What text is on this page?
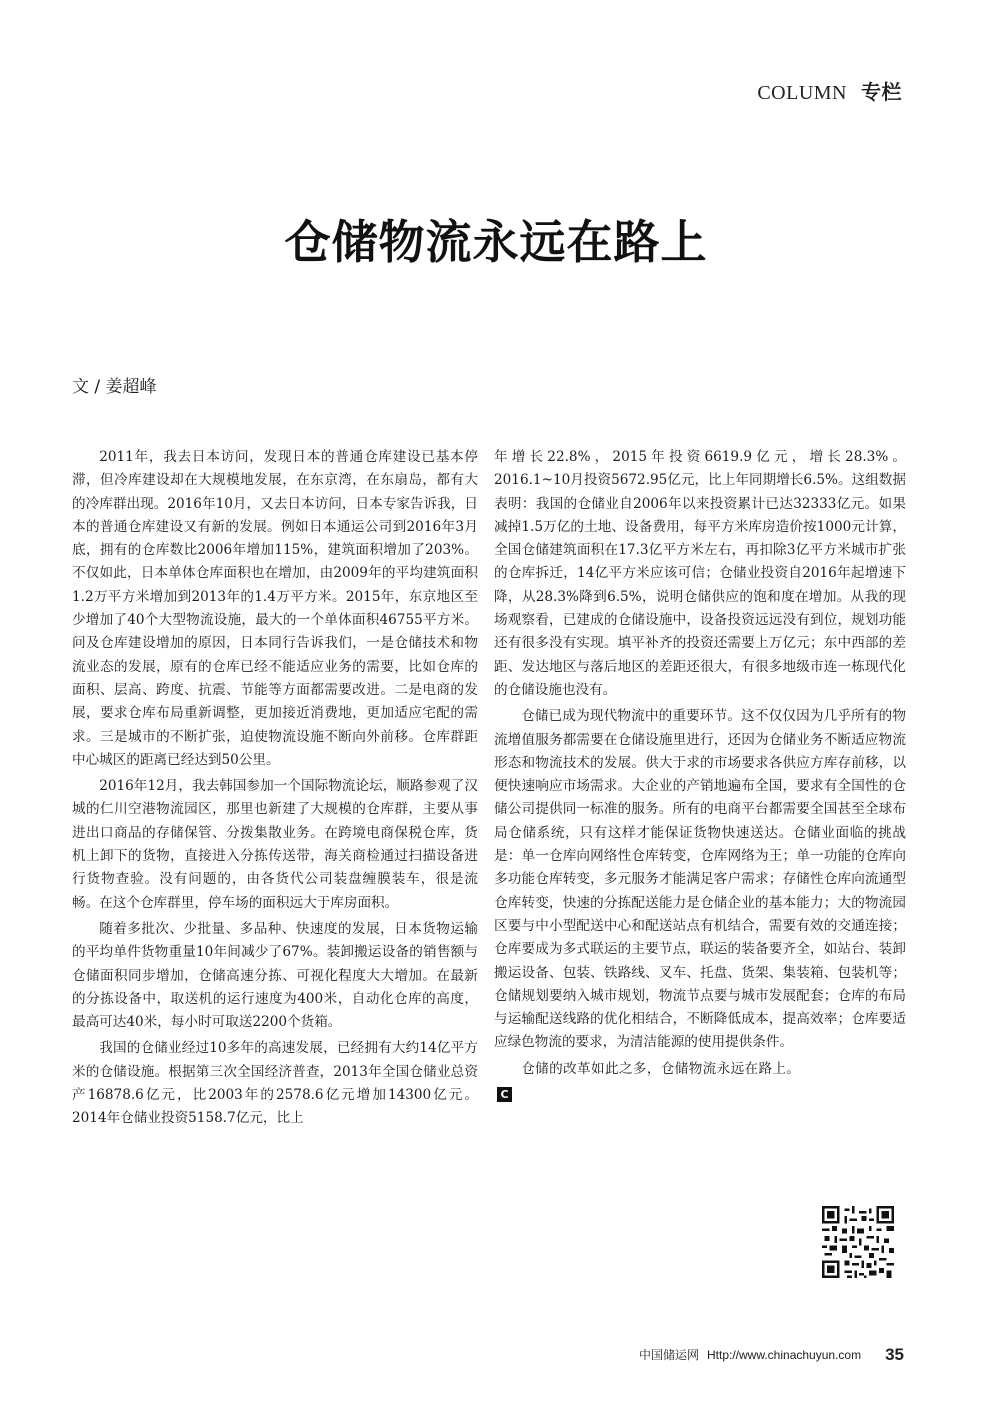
COLUMN 专栏
仓储物流永远在路上
文 / 姜超峰

2011年，我去日本访问，发现日本的普通仓库建设已基本停滞，但冷库建设却在大规模地发展，在东京湾，在东扇岛，都有大的冷库群出现。2016年10月，又去日本访问，日本专家告诉我，日本的普通仓库建设又有新的发展。例如日本通运公司到2016年3月底，拥有的仓库数比2006年增加115%，建筑面积增加了203%。不仅如此，日本单体仓库面积也在增加，由2009年的平均建筑面积1.2万平方米增加到2013年的1.4万平方米。2015年，东京地区至少增加了40个大型物流设施，最大的一个单体面积46755平方米。问及仓库建设增加的原因，日本同行告诉我们，一是仓储技术和物流业态的发展，原有的仓库已经不能适应业务的需要，比如仓库的面积、层高、跨度、抗震、节能等方面都需要改进。二是电商的发展，要求仓库布局重新调整，更加接近消费地，更加适应宅配的需求。三是城市的不断扩张，迫使物流设施不断向外前移。仓库群距中心城区的距离已经达到50公里。

2016年12月，我去韩国参加一个国际物流论坛，顺路参观了汉城的仁川空港物流园区，那里也新建了大规模的仓库群，主要从事进出口商品的存储保管、分拨集散业务。在跨境电商保税仓库，货机上卸下的货物，直接进入分拣传送带，海关商检通过扫描设备进行货物查验。没有问题的，由各货代公司装盘缠膜装车，很是流畅。在这个仓库群里，停车场的面积远大于库房面积。

随着多批次、少批量、多品种、快速度的发展，日本货物运输的平均单件货物重量10年间减少了67%。装卸搬运设备的销售额与仓储面积同步增加，仓储高速分拣、可视化程度大大增加。在最新的分拣设备中，取送机的运行速度为400米，自动化仓库的高度，最高可达40米，每小时可取送2200个货箱。

我国的仓储业经过10多年的高速发展，已经拥有大约14亿平方米的仓储设施。根据第三次全国经济普查，2013年全国仓储业总资产16878.6亿元，比2003年的2578.6亿元增加14300亿元。2014年仓储业投资5158.7亿元，比上

年增长22.8%，2015年投资6619.9亿元，增长28.3%。2016.1~10月投资5672.95亿元，比上年同期增长6.5%。这组数据表明：我国的仓储业自2006年以来投资累计已达32333亿元。如果减掉1.5万亿的土地、设备费用，每平方米库房造价按1000元计算，全国仓储建筑面积在17.3亿平方米左右，再扣除3亿平方米城市扩张的仓库拆迁，14亿平方米应该可信；仓储业投资自2016年起增速下降，从28.3%降到6.5%，说明仓储供应的饱和度在增加。从我的现场观察看，已建成的仓储设施中，设备投资远远没有到位，规划功能还有很多没有实现。填平补齐的投资还需要上万亿元；东中西部的差距、发达地区与落后地区的差距还很大，有很多地级市连一栋现代化的仓储设施也没有。

仓储已成为现代物流中的重要环节。这不仅仅因为几乎所有的物流增值服务都需要在仓储设施里进行，还因为仓储业务不断适应物流形态和物流技术的发展。供大于求的市场要求各供应方库存前移，以便快速响应市场需求。大企业的产销地遍布全国，要求有全国性的仓储公司提供同一标准的服务。所有的电商平台都需要全国甚至全球布局仓储系统，只有这样才能保证货物快速送达。仓储业面临的挑战是：单一仓库向网络性仓库转变，仓库网络为王；单一功能的仓库向多功能仓库转变，多元服务才能满足客户需求；存储性仓库向流通型仓库转变，快速的分拣配送能力是仓储企业的基本能力；大的物流园区要与中小型配送中心和配送站点有机结合，需要有效的交通连接；仓库要成为多式联运的主要节点，联运的装备要齐全，如站台、装卸搬运设备、包装、铁路线、叉车、托盘、货架、集装箱、包装机等；仓储规划要纳入城市规划，物流节点要与城市发展配套；仓库的布局与运输配送线路的优化相结合，不断降低成本，提高效率；仓库要适应绿色物流的要求，为清洁能源的使用提供条件。

仓储的改革如此之多，仓储物流永远在路上。C

中国储运网 Http://www.chinachuyun.com 35
